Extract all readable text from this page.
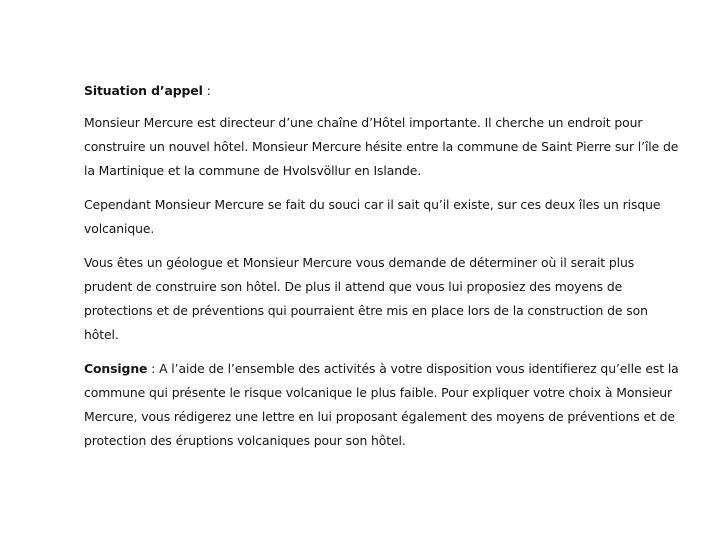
Situation d’appel :

Monsieur Mercure est directeur d’une chaîne d’Hôtel importante. Il cherche un endroit pour construire un nouvel hôtel. Monsieur Mercure hésite entre la commune de Saint Pierre sur l’île de la Martinique et la commune de Hvolsvöllur en Islande.

Cependant Monsieur Mercure se fait du souci car il sait qu’il existe, sur ces deux îles un risque volcanique.

Vous êtes un géologue et Monsieur Mercure vous demande de déterminer où il serait plus prudent de construire son hôtel. De plus il attend que vous lui proposiez des moyens de protections et de préventions qui pourraient être mis en place lors de la construction de son hôtel.

Consigne : A l’aide de l’ensemble des activités à votre disposition vous identifierez qu’elle est la commune qui présente le risque volcanique le plus faible. Pour expliquer votre choix à Monsieur Mercure, vous rédigerez une lettre en lui proposant également des moyens de préventions et de protection des éruptions volcaniques pour son hôtel.
